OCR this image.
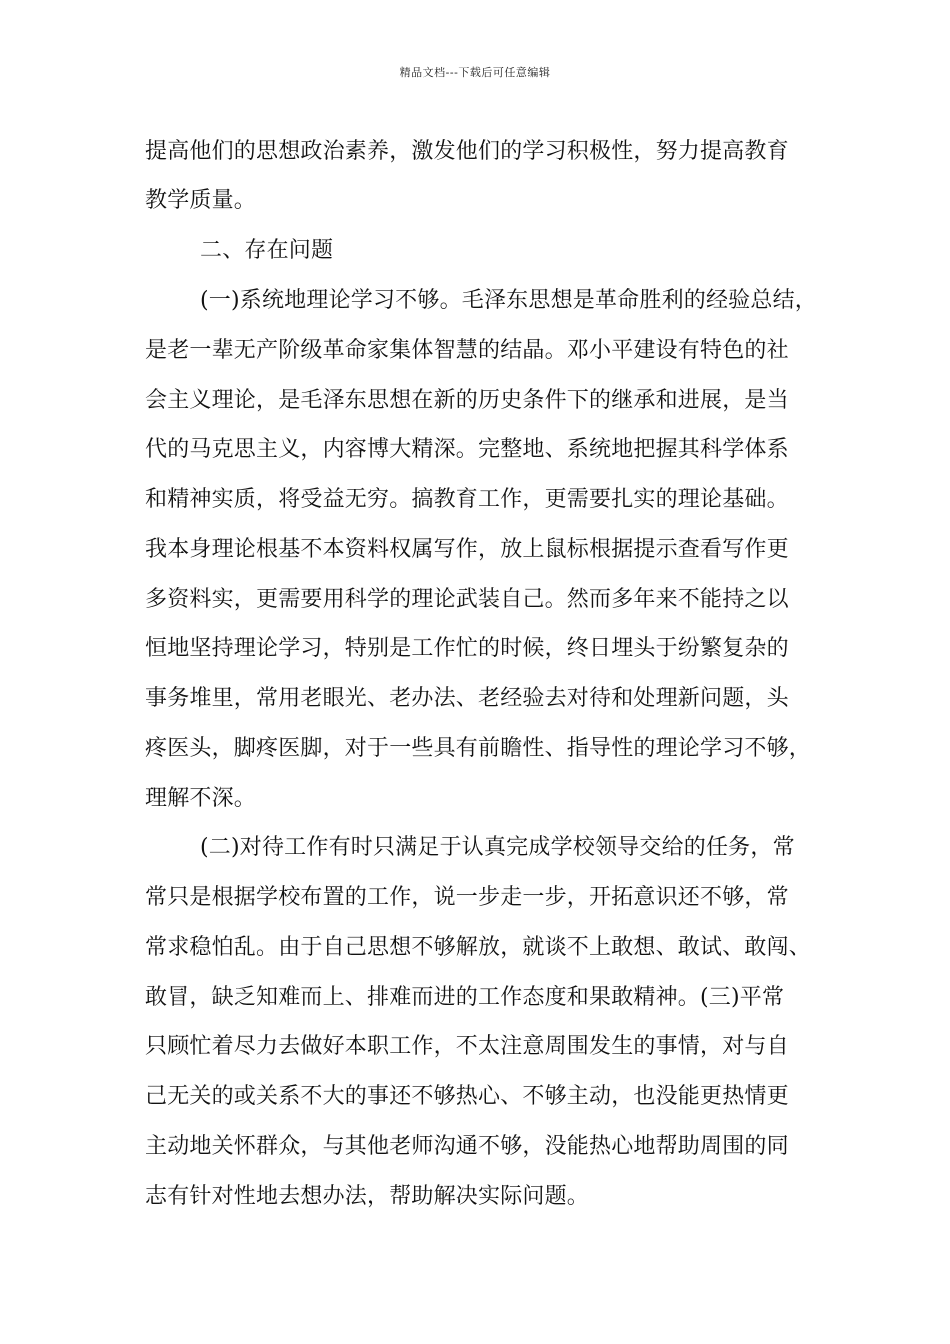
精品文档---下载后可任意编辑
提高他们的思想政治素养，激发他们的学习积极性，努力提高教育
教学质量。
二、存在问题
(一)系统地理论学习不够。毛泽东思想是革命胜利的经验总结，
是老一辈无产阶级革命家集体智慧的结晶。邓小平建设有特色的社
会主义理论，是毛泽东思想在新的历史条件下的继承和进展，是当
代的马克思主义，内容博大精深。完整地、系统地把握其科学体系
和精神实质，将受益无穷。搞教育工作，更需要扎实的理论基础。
我本身理论根基不本资料权属写作，放上鼠标根据提示查看写作更
多资料实，更需要用科学的理论武装自己。然而多年来不能持之以
恒地坚持理论学习，特别是工作忙的时候，终日埋头于纷繁复杂的
事务堆里，常用老眼光、老办法、老经验去对待和处理新问题，头
疼医头，脚疼医脚，对于一些具有前瞻性、指导性的理论学习不够，
理解不深。
(二)对待工作有时只满足于认真完成学校领导交给的任务，常
常只是根据学校布置的工作，说一步走一步，开拓意识还不够，常
常求稳怕乱。由于自己思想不够解放，就谈不上敢想、敢试、敢闯、
敢冒，缺乏知难而上、排难而进的工作态度和果敢精神。(三)平常
只顾忙着尽力去做好本职工作，不太注意周围发生的事情，对与自
己无关的或关系不大的事还不够热心、不够主动，也没能更热情更
主动地关怀群众，与其他老师沟通不够，没能热心地帮助周围的同
志有针对性地去想办法，帮助解决实际问题。
